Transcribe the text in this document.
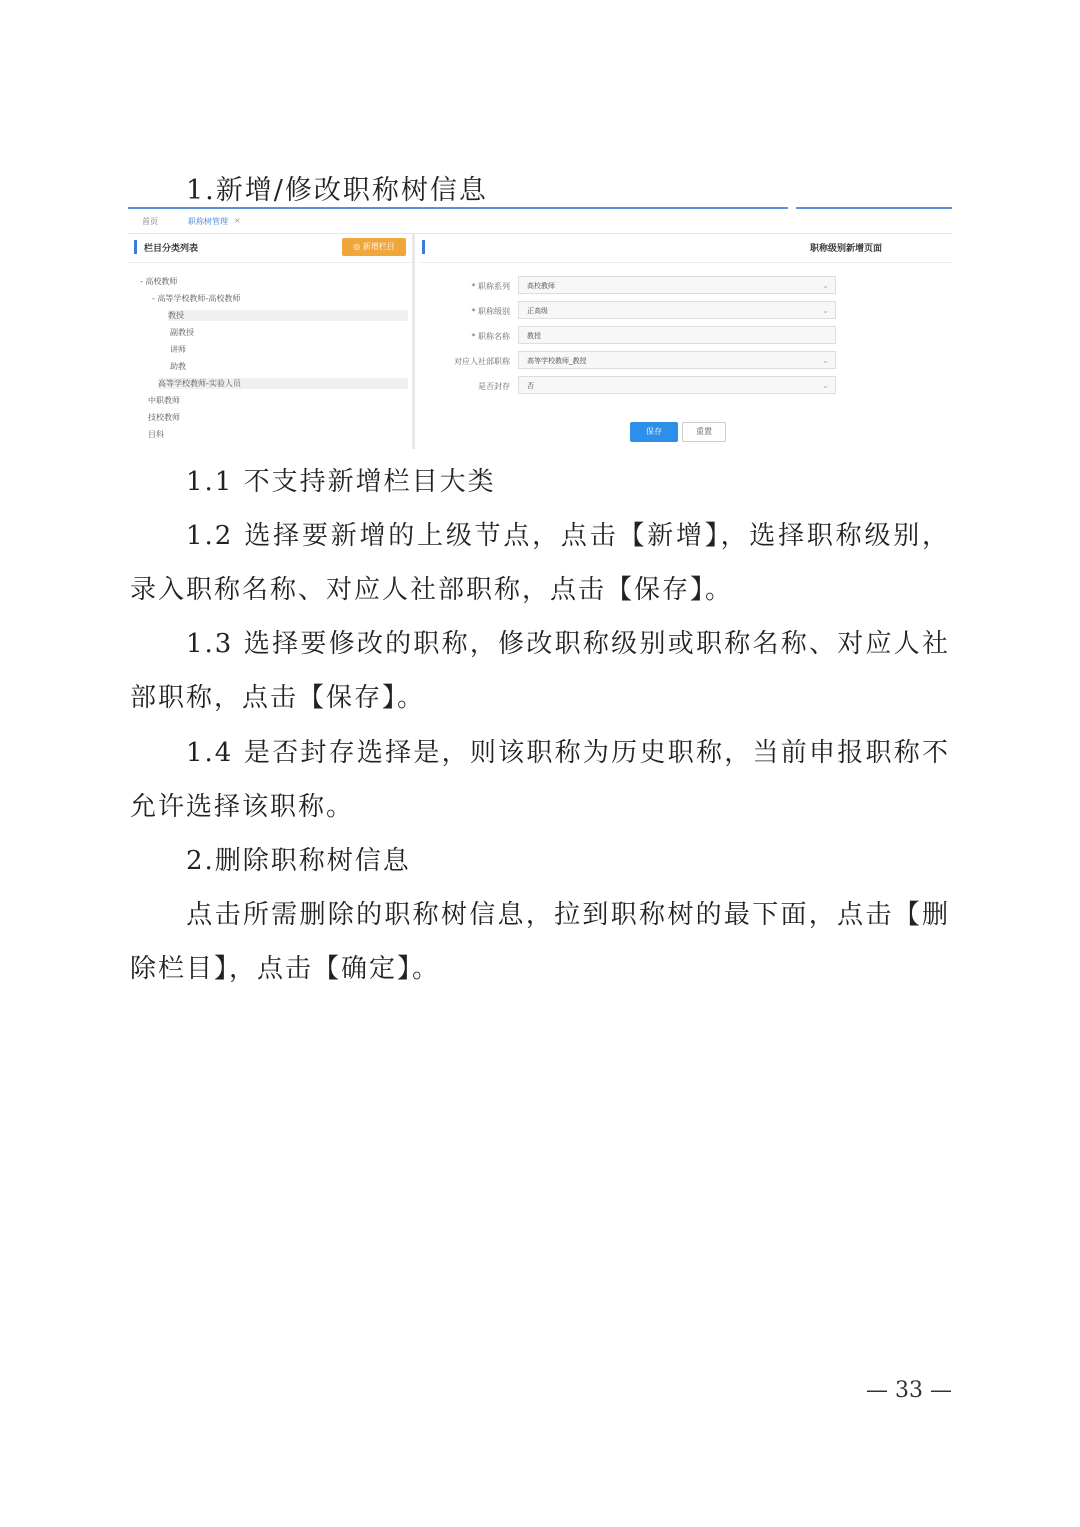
1.新增/修改职称树信息
首页	职称树管理 ×
栏目分类列表	◎ 新增栏目
- 高校教师
- 高等学校教师-高校教师
教授
副教授
讲师
助教
高等学校教师-实验人员
中职教师
技校教师
目科
职称级别新增页面
* 职称系列	高校教师	⌄
* 职称级别	正高级	⌄
* 职称名称	教授
对应人社部职称	高等学校教师_教授	⌄
是否封存	否	⌄
保存	重置
1.1 不支持新增栏目大类
1.2 选择要新增的上级节点，点击【新增】，选择职称级别，录入职称名称、对应人社部职称，点击【保存】。
1.3 选择要修改的职称，修改职称级别或职称名称、对应人社部职称，点击【保存】。
1.4 是否封存选择是，则该职称为历史职称，当前申报职称不允许选择该职称。
2.删除职称树信息
点击所需删除的职称树信息，拉到职称树的最下面，点击【删除栏目】，点击【确定】。
— 33 —
